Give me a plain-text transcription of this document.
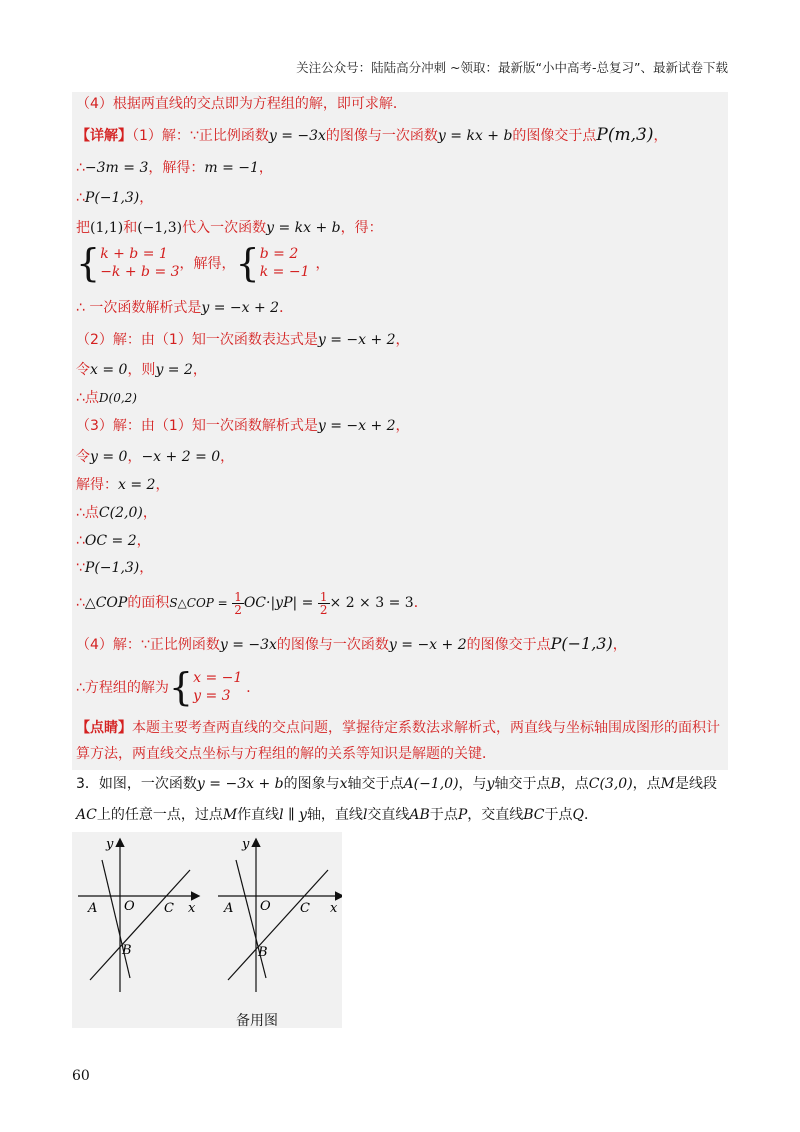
关注公众号：陆陆高分冲刺 ~领取：最新版“小中高考-总复习”、最新试卷下载
（4）根据两直线的交点即为方程组的解，即可求解．
【详解】（1）解：∵正比例函数y = −3x的图像与一次函数y = kx + b的图像交于点P(m,3)，
∴−3m = 3，解得：m = −1，
∴P(−1,3)，
把(1,1)和(−1,3)代入一次函数y = kx + b，得：
{k + b = 1
−k + b = 3，解得，{b = 2
k = −1 ，
∴ 一次函数解析式是y = −x + 2．
（2）解：由（1）知一次函数表达式是y = −x + 2，
令x = 0，则y = 2，
∴点D(0,2)
（3）解：由（1）知一次函数解析式是y = −x + 2，
令y = 0，−x + 2 = 0，
解得：x = 2，
∴点C(2,0)，
∴OC = 2，
∵P(−1,3)，
∴△COP的面积S△COP = $\frac{1}{2} OC\cdot|yP| = \frac{1}{2} \times 2 \times 3 = 3$．
（4）解：∵正比例函数y = −3x的图像与一次函数y = −x + 2的图像交于点P(−1,3)，
∴方程组的解为{x = −1
y = 3 ．
【点睛】本题主要考查两直线的交点问题，掌握待定系数法求解析式，两直线与坐标轴围成图形的面积计
算方法，两直线交点坐标与方程组的解的关系等知识是解题的关键．
3．如图，一次函数y = −3x + b的图象与x轴交于点A(−1,0)，与y轴交于点B，点C(3,0)，点M是线段
AC上的任意一点，过点M作直线l ∥ y轴，直线l交直线AB于点P，交直线BC于点Q．
y
x
A O C
B
y
x
A O C
B
备用图
60
